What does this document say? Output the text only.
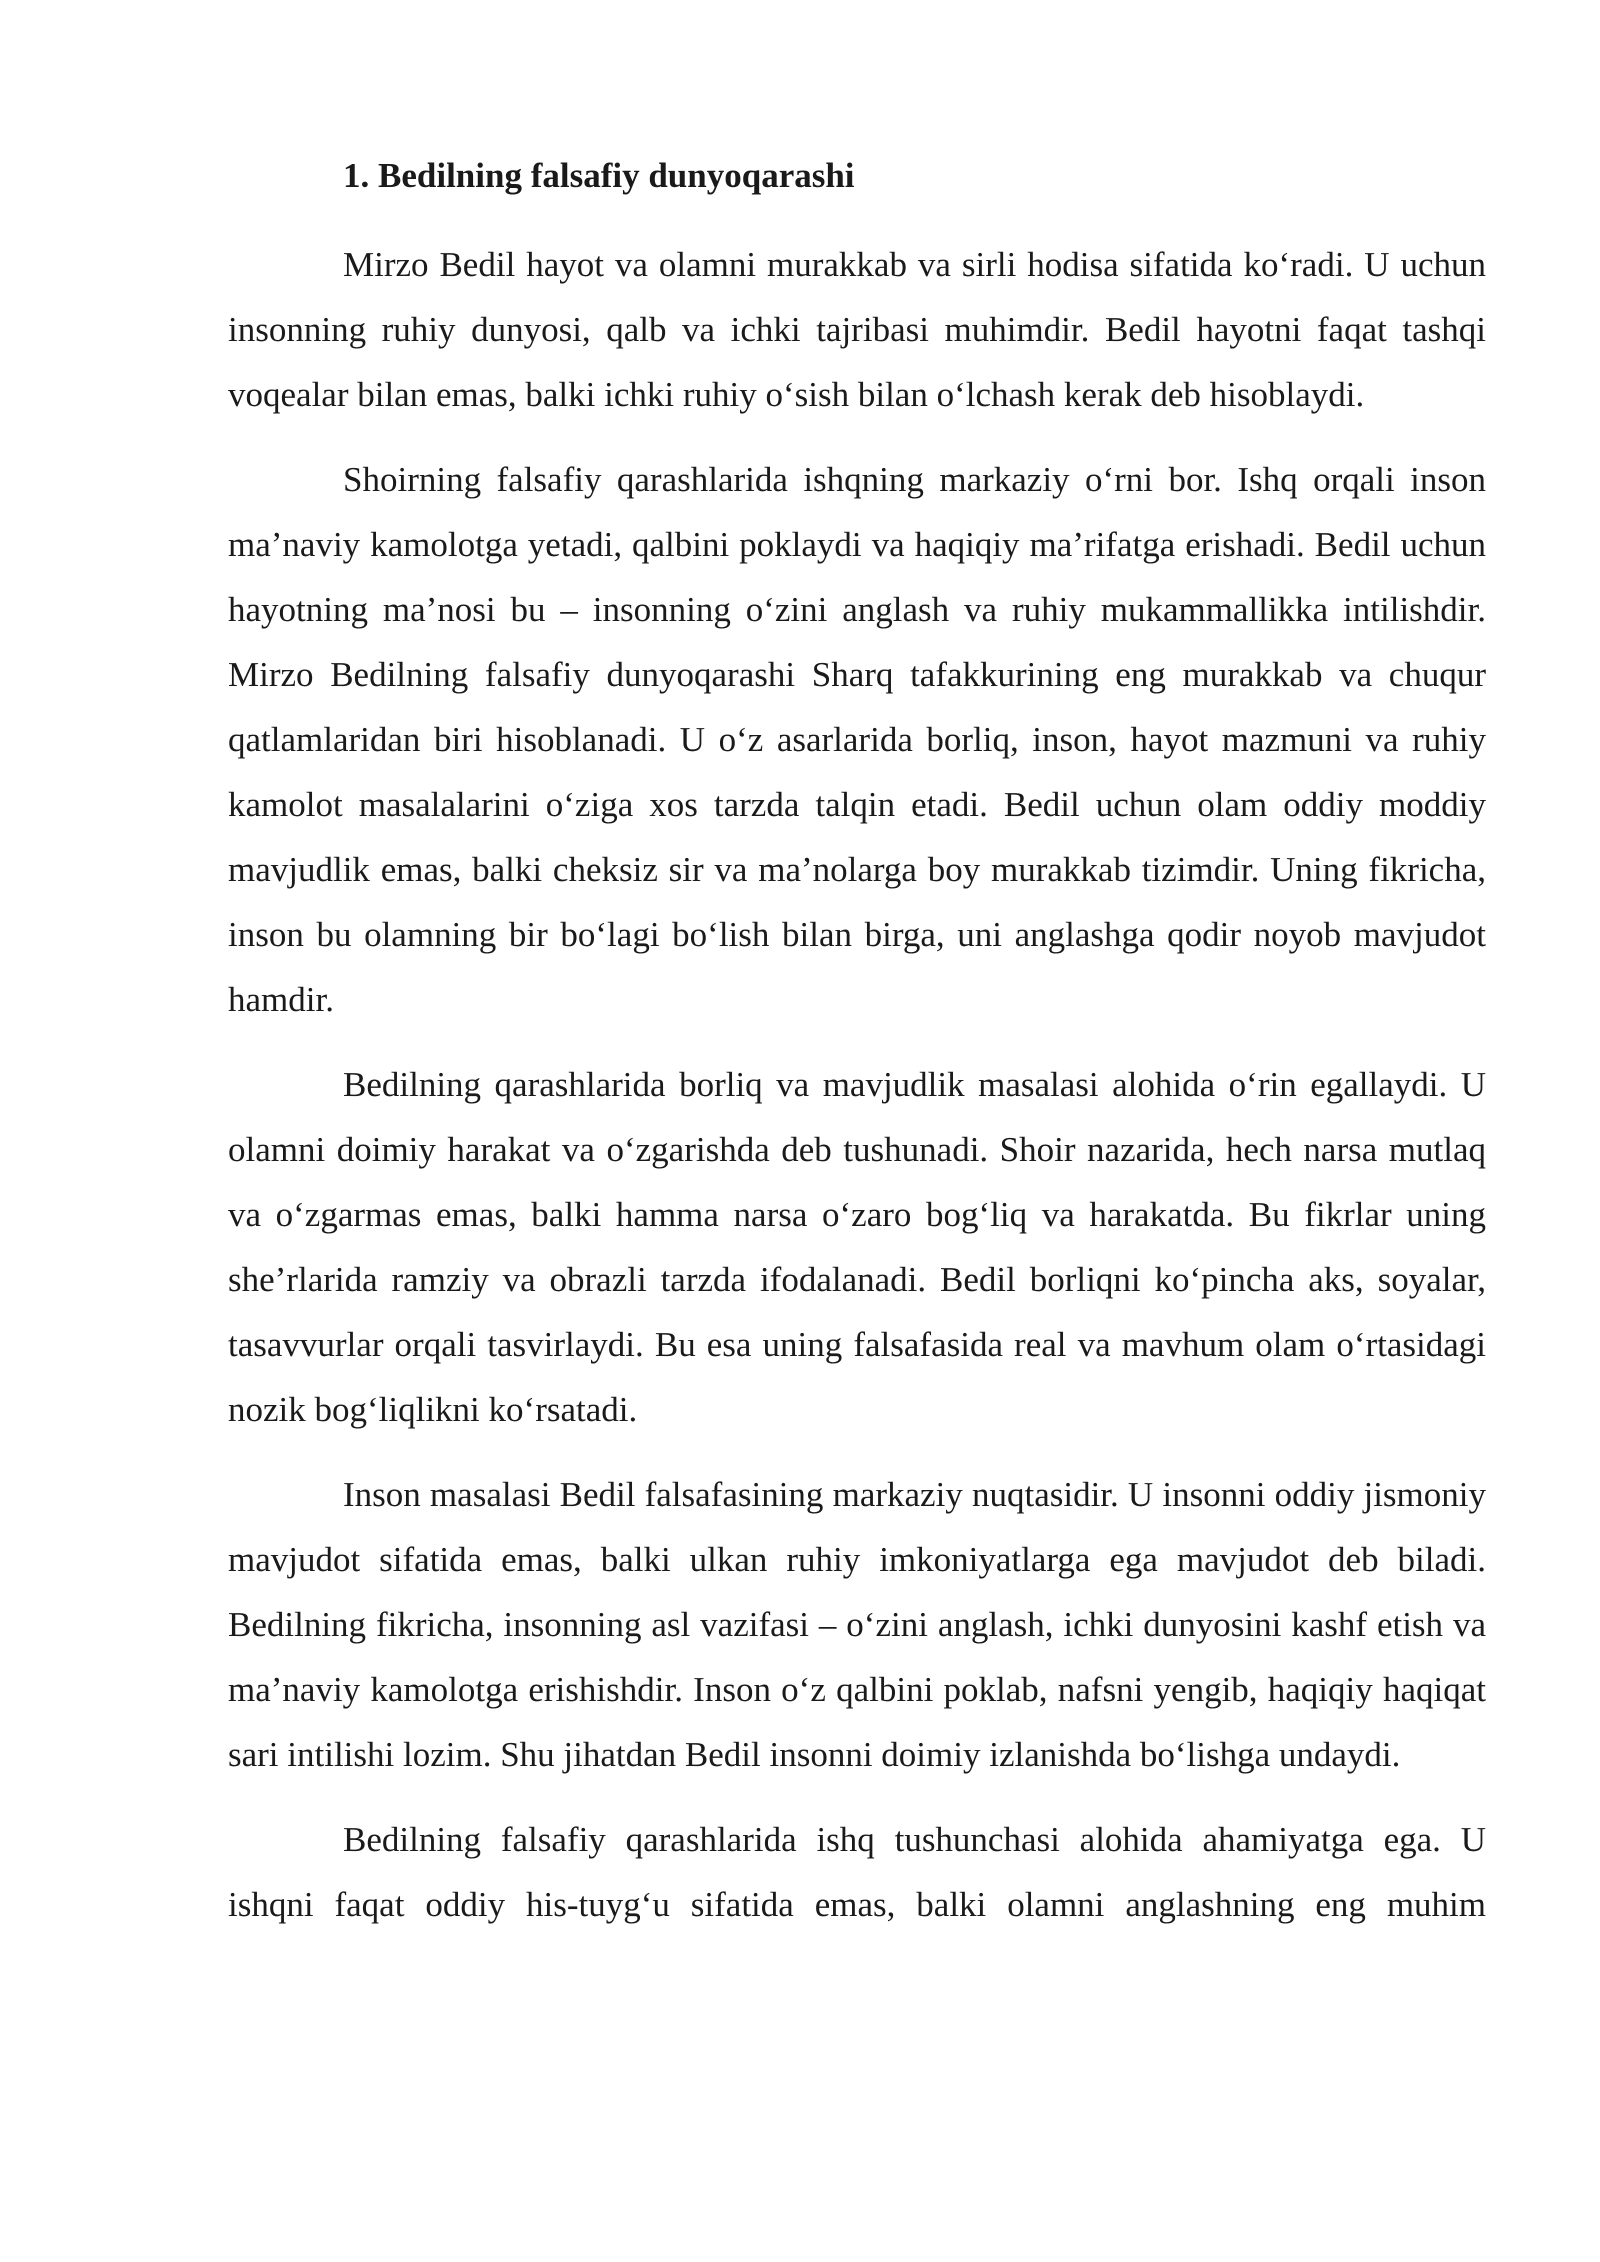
1. Bedilning falsafiy dunyoqarashi

Mirzo Bedil hayot va olamni murakkab va sirli hodisa sifatida ko‘radi. U uchun insonning ruhiy dunyosi, qalb va ichki tajribasi muhimdir. Bedil hayotni faqat tashqi voqealar bilan emas, balki ichki ruhiy o‘sish bilan o‘lchash kerak deb hisoblaydi.

Shoirning falsafiy qarashlarida ishqning markaziy o‘rni bor. Ishq orqali inson ma’naviy kamolotga yetadi, qalbini poklaydi va haqiqiy ma’rifatga erishadi. Bedil uchun hayotning ma’nosi bu – insonning o‘zini anglash va ruhiy mukammallikka intilishdir. Mirzo Bedilning falsafiy dunyoqarashi Sharq tafakkurining eng murakkab va chuqur qatlamlaridan biri hisoblanadi. U o‘z asarlarida borliq, inson, hayot mazmuni va ruhiy kamolot masalalarini o‘ziga xos tarzda talqin etadi. Bedil uchun olam oddiy moddiy mavjudlik emas, balki cheksiz sir va ma’nolarga boy murakkab tizimdir. Uning fikricha, inson bu olamning bir bo‘lagi bo‘lish bilan birga, uni anglashga qodir noyob mavjudot hamdir.

Bedilning qarashlarida borliq va mavjudlik masalasi alohida o‘rin egallaydi. U olamni doimiy harakat va o‘zgarishda deb tushunadi. Shoir nazarida, hech narsa mutlaq va o‘zgarmas emas, balki hamma narsa o‘zaro bog‘liq va harakatda. Bu fikrlar uning she’rlarida ramziy va obrazli tarzda ifodalanadi. Bedil borliqni ko‘pincha aks, soyalar, tasavvurlar orqali tasvirlaydi. Bu esa uning falsafasida real va mavhum olam o‘rtasidagi nozik bog‘liqlikni ko‘rsatadi.

Inson masalasi Bedil falsafasining markaziy nuqtasidir. U insonni oddiy jismoniy mavjudot sifatida emas, balki ulkan ruhiy imkoniyatlarga ega mavjudot deb biladi. Bedilning fikricha, insonning asl vazifasi – o‘zini anglash, ichki dunyosini kashf etish va ma’naviy kamolotga erishishdir. Inson o‘z qalbini poklab, nafsni yengib, haqiqiy haqiqat sari intilishi lozim. Shu jihatdan Bedil insonni doimiy izlanishda bo‘lishga undaydi.

Bedilning falsafiy qarashlarida ishq tushunchasi alohida ahamiyatga ega. U ishqni faqat oddiy his-tuyg‘u sifatida emas, balki olamni anglashning eng muhim
